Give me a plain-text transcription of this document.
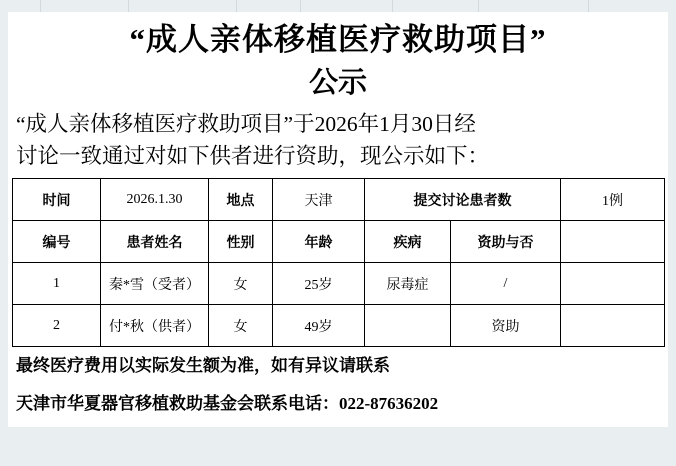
“成人亲体移植医疗救助项目”
公示
“成人亲体移植医疗救助项目”于2026年1月30日经
讨论一致通过对如下供者进行资助，现公示如下：
时间	2026.1.30	地点	天津	提交讨论患者数		1例
编号	患者姓名	性别	年龄	疾病	资助与否	
1	秦*雪（受者）	女	25岁	尿毒症	/	
2	付*秋（供者）	女	49岁		资助	
最终医疗费用以实际发生额为准，如有异议请联系
天津市华夏器官移植救助基金会联系电话：022-87636202
